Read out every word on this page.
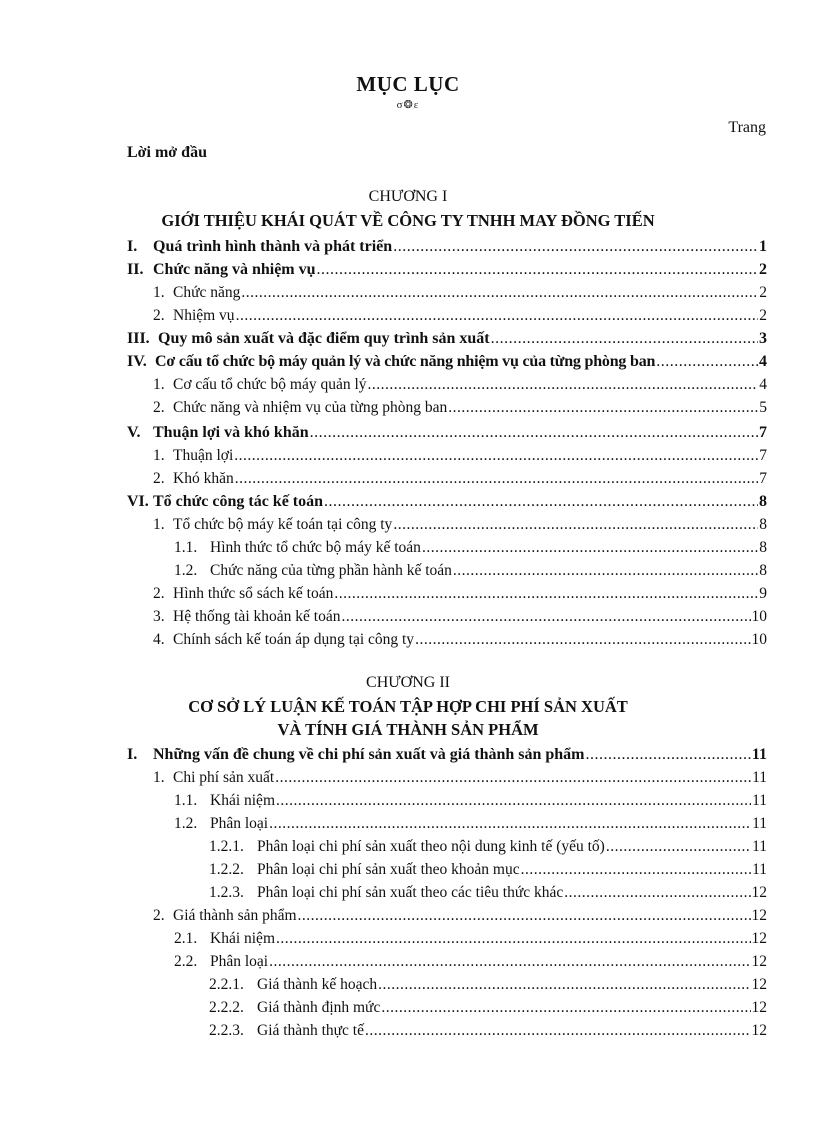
MỤC LỤC
σ❂ε
Trang
Lời mở đầu
CHƯƠNG I
GIỚI THIỆU KHÁI QUÁT VỀ CÔNG TY TNHH MAY ĐỒNG TIẾN
I. Quá trình hình thành và phát triển .....	1
II. Chức năng và nhiệm vụ .....	2
1. Chức năng .....	2
2. Nhiệm vụ .....	2
III. Quy mô sản xuất và đặc điểm quy trình sản xuất .....	3
IV. Cơ cấu tổ chức bộ máy quản lý và chức năng nhiệm vụ của từng phòng ban .....	4
1. Cơ cấu tổ chức bộ máy quản lý .....	4
2. Chức năng và nhiệm vụ của từng phòng ban .....	5
V. Thuận lợi và khó khăn .....	7
1. Thuận lợi .....	7
2. Khó khăn .....	7
VI. Tổ chức công tác kế toán .....	8
1. Tổ chức bộ máy kế toán tại công ty .....	8
1.1. Hình thức tổ chức bộ máy kế toán .....	8
1.2. Chức năng của từng phần hành kế toán .....	8
2. Hình thức sổ sách kế toán .....	9
3. Hệ thống tài khoản kế toán .....	10
4. Chính sách kế toán áp dụng tại công ty .....	10
CHƯƠNG II
CƠ SỞ LÝ LUẬN KẾ TOÁN TẬP HỢP CHI PHÍ SẢN XUẤT
VÀ TÍNH GIÁ THÀNH SẢN PHẨM
I. Những vấn đề chung về chi phí sản xuất và giá thành sản phẩm .....	11
1. Chi phí sản xuất .....	11
1.1. Khái niệm .....	11
1.2. Phân loại .....	11
1.2.1. Phân loại chi phí sản xuất theo nội dung kinh tế (yếu tố) .....	11
1.2.2. Phân loại chi phí sản xuất theo khoản mục .....	11
1.2.3. Phân loại chi phí sản xuất theo các tiêu thức khác .....	12
2. Giá thành sản phẩm .....	12
2.1. Khái niệm .....	12
2.2. Phân loại .....	12
2.2.1. Giá thành kế hoạch .....	12
2.2.2. Giá thành định mức .....	12
2.2.3. Giá thành thực tế .....	12
